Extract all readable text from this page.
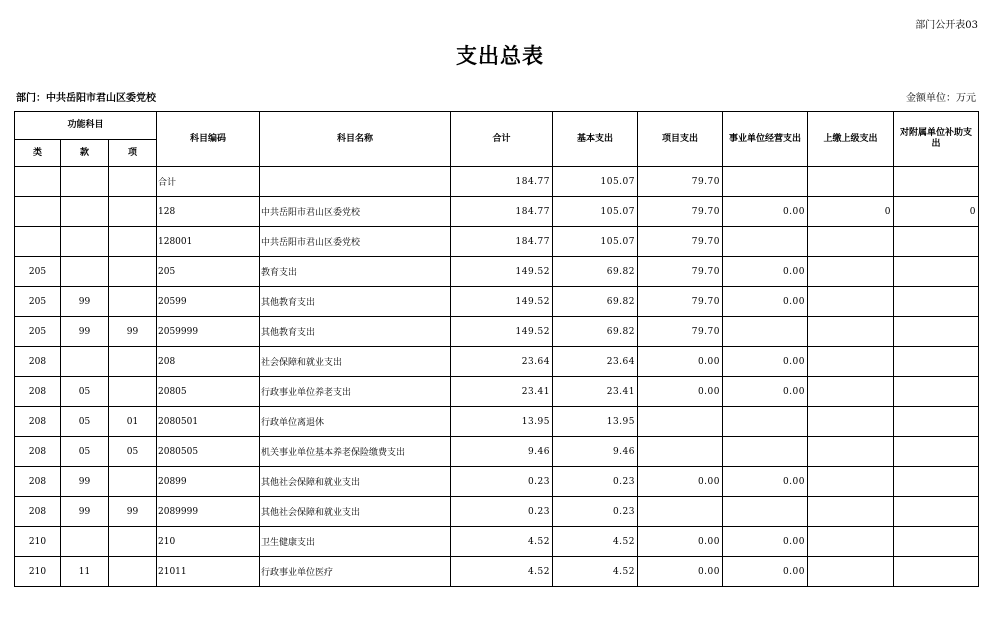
部门公开表03
支出总表
部门：中共岳阳市君山区委党校	金额单位：万元
功能科目			科目编码	科目名称	合计	基本支出	项目支出	事业单位经营支出	上缴上级支出	对附属单位补助支出
类	款	项								
			合计		184.77	105.07	79.70			
			128	中共岳阳市君山区委党校	184.77	105.07	79.70	0.00	0	0
			128001	中共岳阳市君山区委党校	184.77	105.07	79.70			
205			205	教育支出	149.52	69.82	79.70	0.00		
205	99		20599	其他教育支出	149.52	69.82	79.70	0.00		
205	99	99	2059999	其他教育支出	149.52	69.82	79.70			
208			208	社会保障和就业支出	23.64	23.64	0.00	0.00		
208	05		20805	行政事业单位养老支出	23.41	23.41	0.00	0.00		
208	05	01	2080501	行政单位离退休	13.95	13.95				
208	05	05	2080505	机关事业单位基本养老保险缴费支出	9.46	9.46				
208	99		20899	其他社会保障和就业支出	0.23	0.23	0.00	0.00		
208	99	99	2089999	其他社会保障和就业支出	0.23	0.23				
210			210	卫生健康支出	4.52	4.52	0.00	0.00		
210	11		21011	行政事业单位医疗	4.52	4.52	0.00	0.00		
